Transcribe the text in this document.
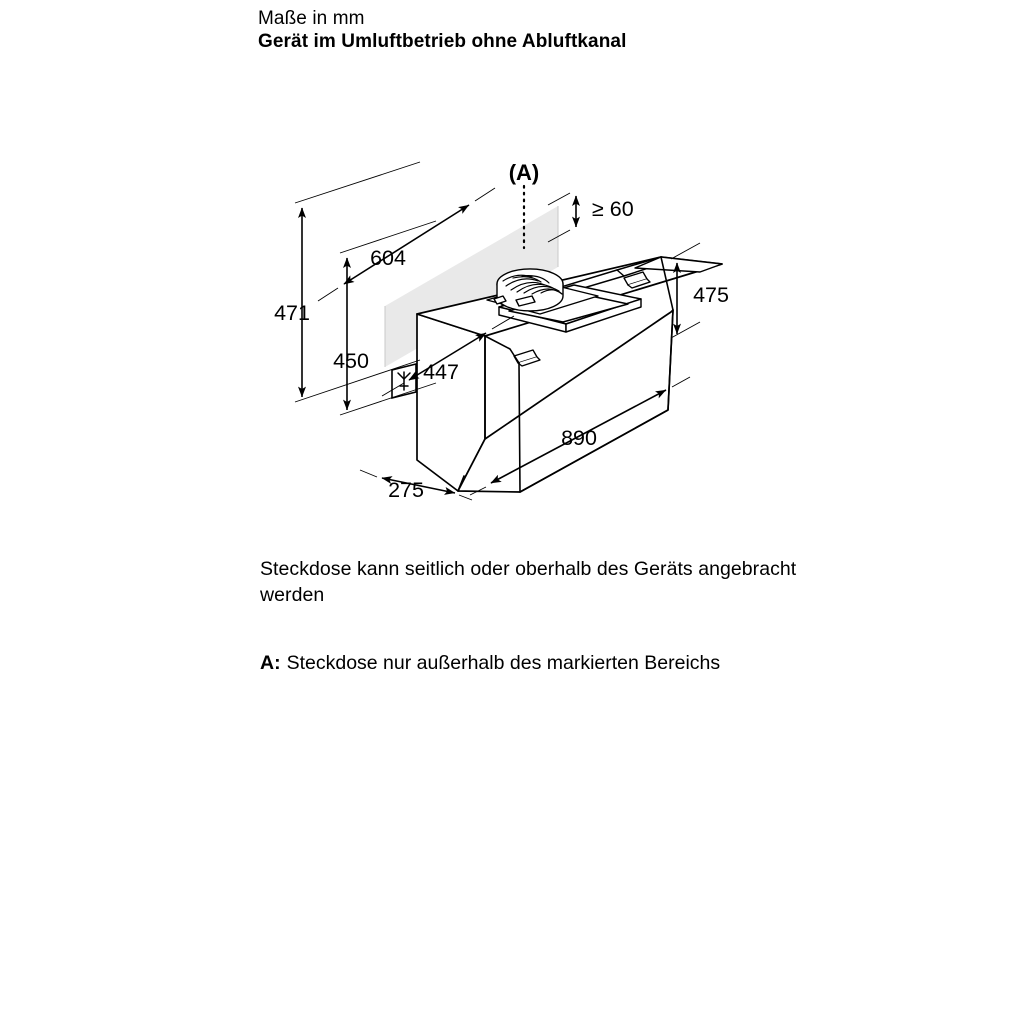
Maße in mm
Gerät im Umluftbetrieb ohne Abluftkanal
471
450
604
≥ 60
447
475
890
275
(A)
Steckdose kann seitlich oder oberhalb des Geräts angebracht werden
A: Steckdose nur außerhalb des markierten Bereichs
